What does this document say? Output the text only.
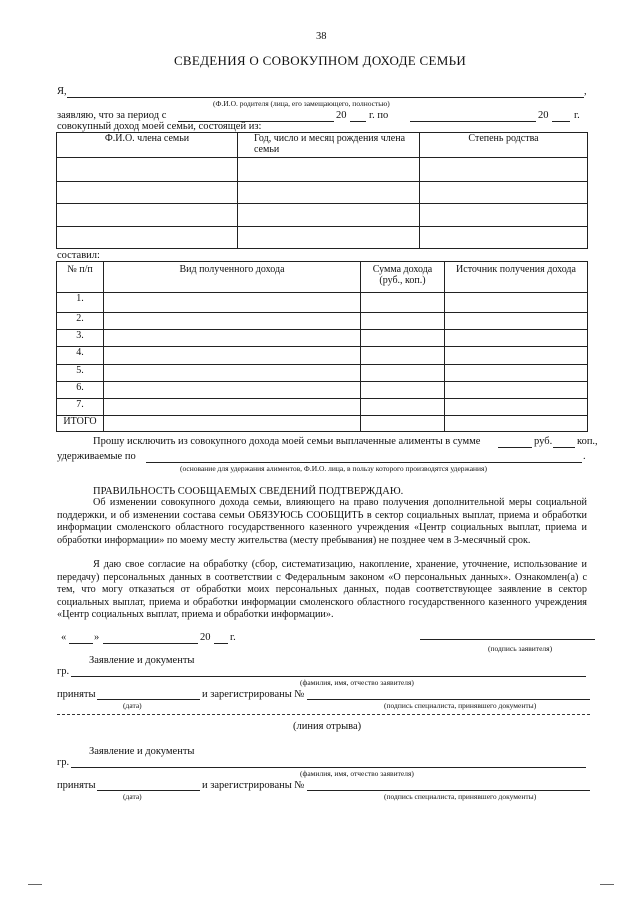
38
СВЕДЕНИЯ О СОВОКУПНОМ ДОХОДЕ СЕМЬИ
Я,	,
(Ф.И.О. родителя (лица, его замещающего, полностью)
заявляю, что за период с	20 г. по	20 г.
совокупный доход моей семьи, состоящей из:
Ф.И.О. члена семьи	Год, число и месяц рождения члена семьи	Степень родства

составил:
№ п/п	Вид полученного дохода	Сумма дохода (руб., коп.)	Источник получения дохода
1.			
2.			
3.			
4.			
5.			
6.			
7.			
ИТОГО			
Прошу исключить из совокупного дохода моей семьи выплаченные алименты в сумме	руб. коп.,
удерживаемые по	.
(основание для удержания алиментов, Ф.И.О. лица, в пользу которого производятся удержания)
ПРАВИЛЬНОСТЬ СООБЩАЕМЫХ СВЕДЕНИЙ ПОДТВЕРЖДАЮ.
Об изменении совокупного дохода семьи, влияющего на право получения дополнительной меры социальной поддержки, и об изменении состава семьи ОБЯЗУЮСЬ СООБЩИТЬ в сектор социальных выплат, приема и обработки информации смоленского областного государственного казенного учреждения «Центр социальных выплат, приема и обработки информации» по моему месту жительства (месту пребывания) не позднее чем в 3-месячный срок.
Я даю свое согласие на обработку (сбор, систематизацию, накопление, хранение, уточнение, использование и передачу) персональных данных в соответствии с Федеральным законом «О персональных данных». Ознакомлен(а) с тем, что могу отказаться от обработки моих персональных данных, подав соответствующее заявление в сектор социальных выплат, приема и обработки информации смоленского областного государственного казенного учреждения «Центр социальных выплат, приема и обработки информации».
«	»	20 г.
(подпись заявителя)
Заявление и документы
гр.
(фамилия, имя, отчество заявителя)
приняты	и зарегистрированы №
(дата)	(подпись специалиста, принявшего документы)
(линия отрыва)
Заявление и документы
гр.
(фамилия, имя, отчество заявителя)
приняты	и зарегистрированы №
(дата)	(подпись специалиста, принявшего документы)
